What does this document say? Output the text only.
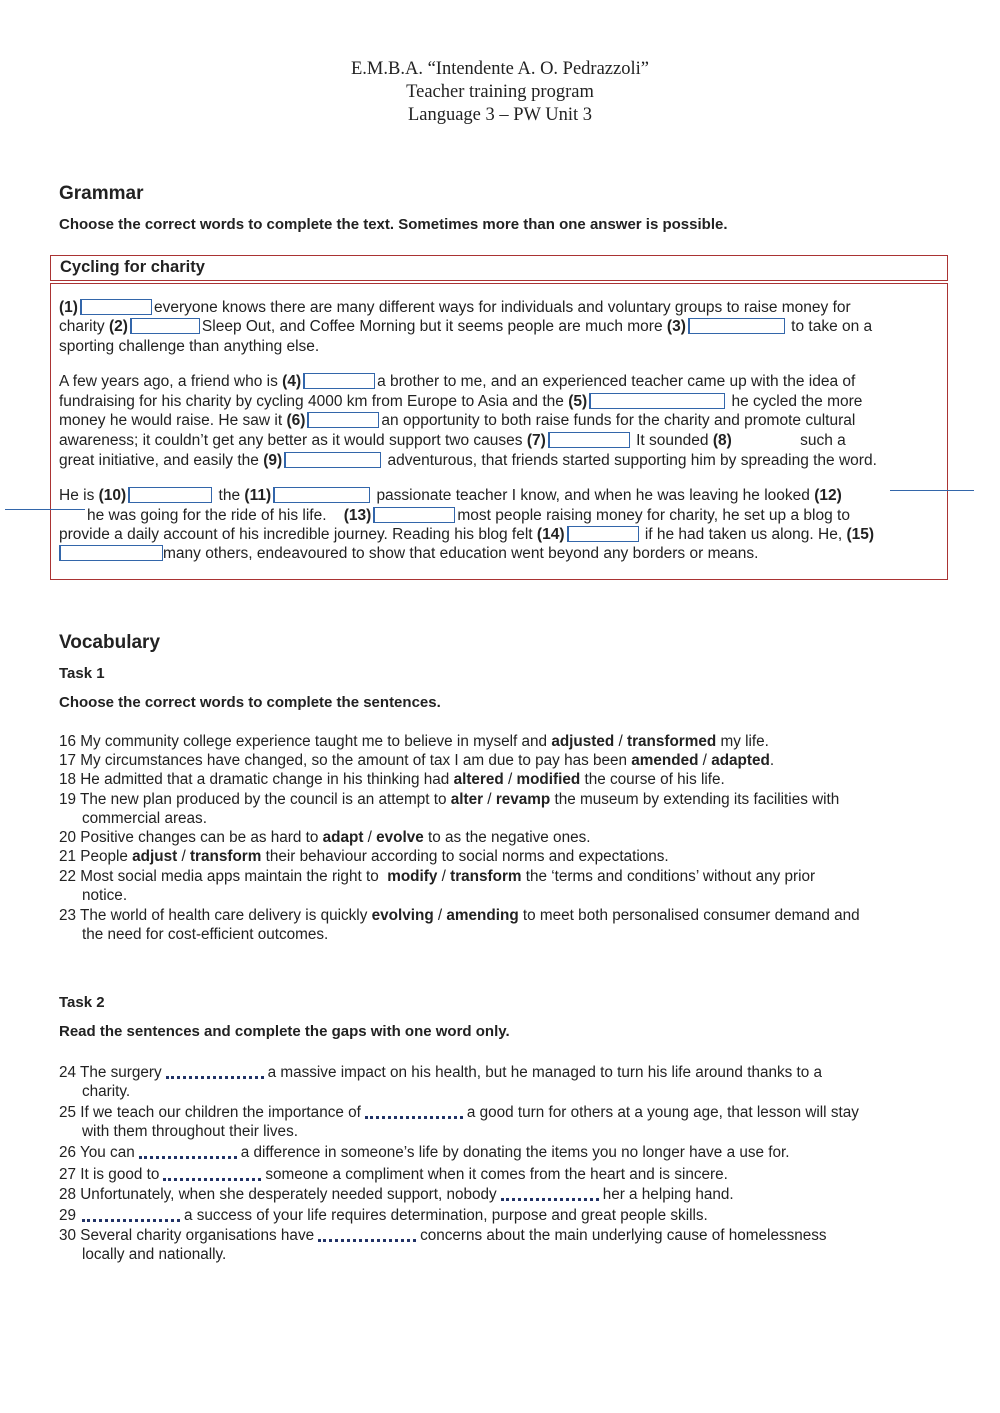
E.M.B.A. “Intendente A. O. Pedrazzoli”
Teacher training program
Language 3 – PW Unit 3
Grammar
Choose the correct words to complete the text. Sometimes more than one answer is possible.
Cycling for charity
(1)	everyone knows there are many different ways for individuals and voluntary groups to raise money for
charity (2)	Sleep Out, and Coffee Morning but it seems people are much more (3)	to take on a
sporting challenge than anything else.
A few years ago, a friend who is (4)	a brother to me, and an experienced teacher came up with the idea of
fundraising for his charity by cycling 4000 km from Europe to Asia and the (5)	he cycled the more
money he would raise. He saw it (6)	an opportunity to both raise funds for the charity and promote cultural
awareness; it couldn’t get any better as it would support two causes (7)	It sounded (8)	such a
great initiative, and easily the (9)	adventurous, that friends started supporting him by spreading the word.
He is (10)	the (11)	passionate teacher I know, and when he was leaving he looked (12)
he was going for the ride of his life. (13)	most people raising money for charity, he set up a blog to
provide a daily account of his incredible journey. Reading his blog felt (14)	if he had taken us along. He, (15)
many others, endeavoured to show that education went beyond any borders or means.
Vocabulary
Task 1
Choose the correct words to complete the sentences.
16 My community college experience taught me to believe in myself and adjusted / transformed my life.
17 My circumstances have changed, so the amount of tax I am due to pay has been amended / adapted.
18 He admitted that a dramatic change in his thinking had altered / modified the course of his life.
19 The new plan produced by the council is an attempt to alter / revamp the museum by extending its facilities with
commercial areas.
20 Positive changes can be as hard to adapt / evolve to as the negative ones.
21 People adjust / transform their behaviour according to social norms and expectations.
22 Most social media apps maintain the right to modify / transform the ‘terms and conditions’ without any prior
notice.
23 The world of health care delivery is quickly evolving / amending to meet both personalised consumer demand and
the need for cost-efficient outcomes.
Task 2
Read the sentences and complete the gaps with one word only.
24 The surgery	a massive impact on his health, but he managed to turn his life around thanks to a
charity.
25 If we teach our children the importance of	a good turn for others at a young age, that lesson will stay
with them throughout their lives.
26 You can	a difference in someone’s life by donating the items you no longer have a use for.
27 It is good to	someone a compliment when it comes from the heart and is sincere.
28 Unfortunately, when she desperately needed support, nobody	her a helping hand.
29	a success of your life requires determination, purpose and great people skills.
30 Several charity organisations have	concerns about the main underlying cause of homelessness
locally and nationally.
